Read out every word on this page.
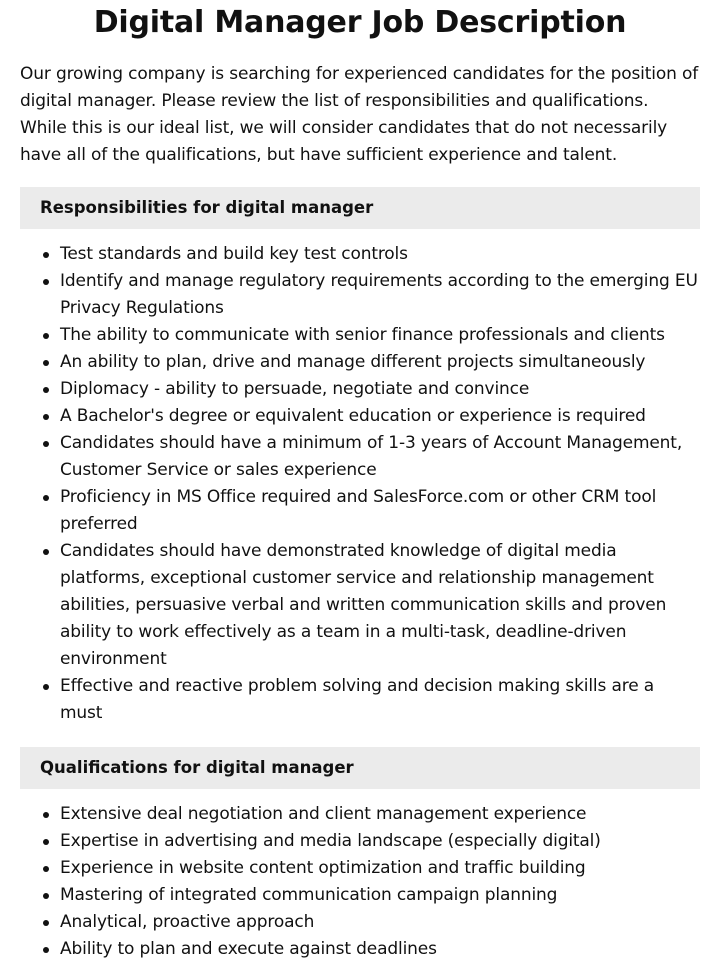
Digital Manager Job Description

Our growing company is searching for experienced candidates for the position of digital manager. Please review the list of responsibilities and qualifications. While this is our ideal list, we will consider candidates that do not necessarily have all of the qualifications, but have sufficient experience and talent.

Responsibilities for digital manager
Test standards and build key test controls
Identify and manage regulatory requirements according to the emerging EU Privacy Regulations
The ability to communicate with senior finance professionals and clients
An ability to plan, drive and manage different projects simultaneously
Diplomacy - ability to persuade, negotiate and convince
A Bachelor's degree or equivalent education or experience is required
Candidates should have a minimum of 1-3 years of Account Management, Customer Service or sales experience
Proficiency in MS Office required and SalesForce.com or other CRM tool preferred
Candidates should have demonstrated knowledge of digital media platforms, exceptional customer service and relationship management abilities, persuasive verbal and written communication skills and proven ability to work effectively as a team in a multi-task, deadline-driven environment
Effective and reactive problem solving and decision making skills are a must
Qualifications for digital manager
Extensive deal negotiation and client management experience
Expertise in advertising and media landscape (especially digital)
Experience in website content optimization and traffic building
Mastering of integrated communication campaign planning
Analytical, proactive approach
Ability to plan and execute against deadlines
